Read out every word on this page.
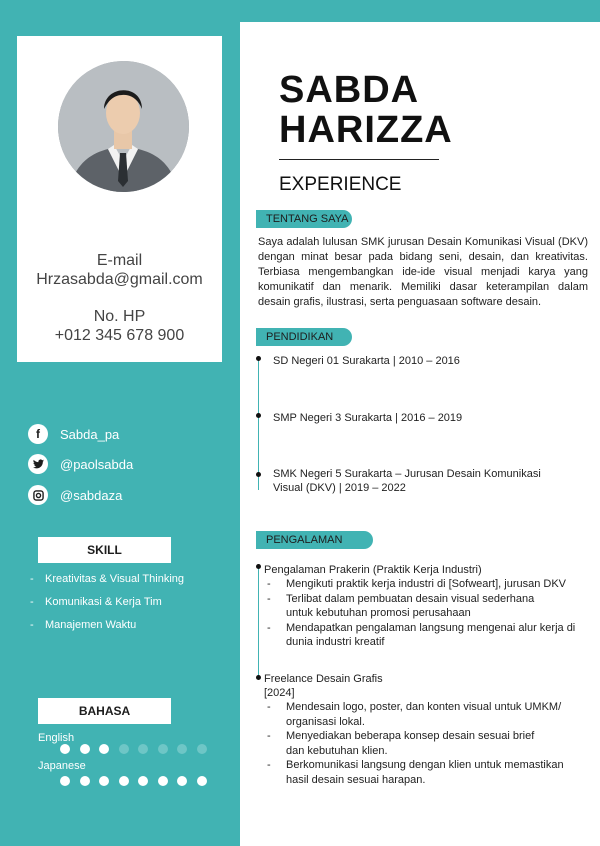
E-mail
Hrzasabda@gmail.com
No. HP
+012 345 678 900
f	Sabda_pa
@paolsabda
@sabdaza
SKILL
- Kreativitas & Visual Thinking
- Komunikasi & Kerja Tim
- Manajemen Waktu
BAHASA
English
Japanese
SABDA
HARIZZA
EXPERIENCE
TENTANG SAYA
Saya adalah lulusan SMK jurusan Desain Komunikasi Visual (DKV) dengan minat besar pada bidang seni, desain, dan kreativitas. Terbiasa mengembangkan ide-ide visual menjadi karya yang komunikatif dan menarik. Memiliki dasar keterampilan dalam desain grafis, ilustrasi, serta penguasaan software desain.
PENDIDIKAN
SD Negeri 01 Surakarta | 2010 – 2016
SMP Negeri 3 Surakarta | 2016 – 2019
SMK Negeri 5 Surakarta – Jurusan Desain Komunikasi Visual (DKV) | 2019 – 2022
PENGALAMAN
Pengalaman Prakerin (Praktik Kerja Industri)
- Mengikuti praktik kerja industri di [Sofweart], jurusan DKV
- Terlibat dalam pembuatan desain visual sederhana untuk kebutuhan promosi perusahaan
- Mendapatkan pengalaman langsung mengenai alur kerja di dunia industri kreatif
Freelance Desain Grafis
[2024]
- Mendesain logo, poster, dan konten visual untuk UMKM/ organisasi lokal.
- Menyediakan beberapa konsep desain sesuai brief dan kebutuhan klien.
- Berkomunikasi langsung dengan klien untuk memastikan hasil desain sesuai harapan.
